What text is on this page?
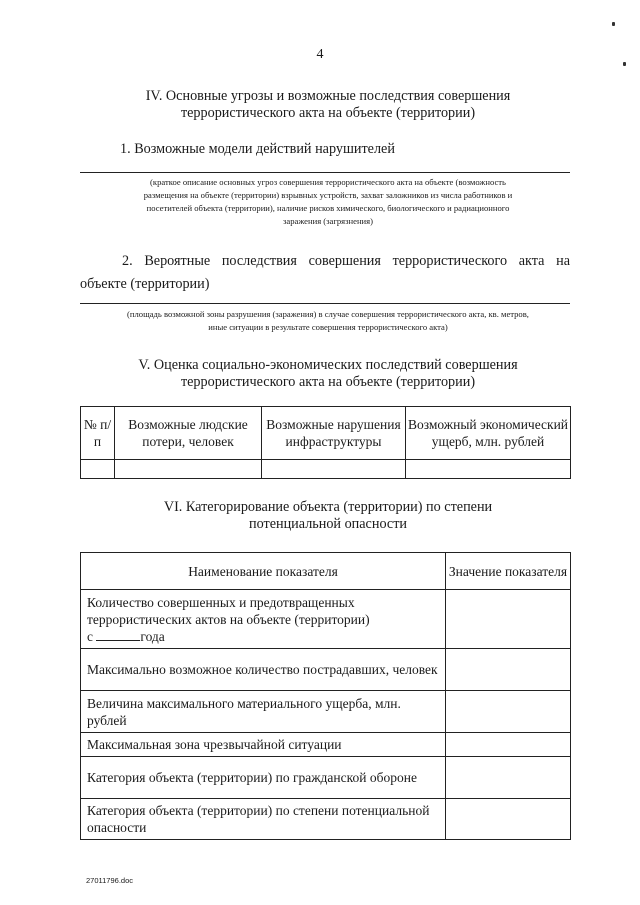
4
IV. Основные угрозы и возможные последствия совершения
террористического акта на объекте (территории)
1. Возможные модели действий нарушителей
(краткое описание основных угроз совершения террористического акта на объекте (возможность
размещения на объекте (территории) взрывных устройств, захват заложников из числа работников и
посетителей объекта (территории), наличие рисков химического, биологического и радиационного
заражения (загрязнения)
2. Вероятные последствия совершения террористического акта на объекте (территории)
(площадь возможной зоны разрушения (заражения) в случае совершения террористического акта, кв. метров,
иные ситуации в результате совершения террористического акта)
V. Оценка социально-экономических последствий совершения
террористического акта на объекте (территории)
№ п/п	Возможные людские потери, человек	Возможные нарушения инфраструктуры	Возможный экономический ущерб, млн. рублей

VI. Категорирование объекта (территории) по степени
потенциальной опасности
Наименование показателя	Значение показателя
Количество совершенных и предотвращенных террористических актов на объекте (территории)
с года	
Максимально возможное количество пострадавших, человек	
Величина максимального материального ущерба, млн. рублей	
Максимальная зона чрезвычайной ситуации	
Категория объекта (территории) по гражданской обороне	
Категория объекта (территории) по степени потенциальной опасности	
27011796.doc
